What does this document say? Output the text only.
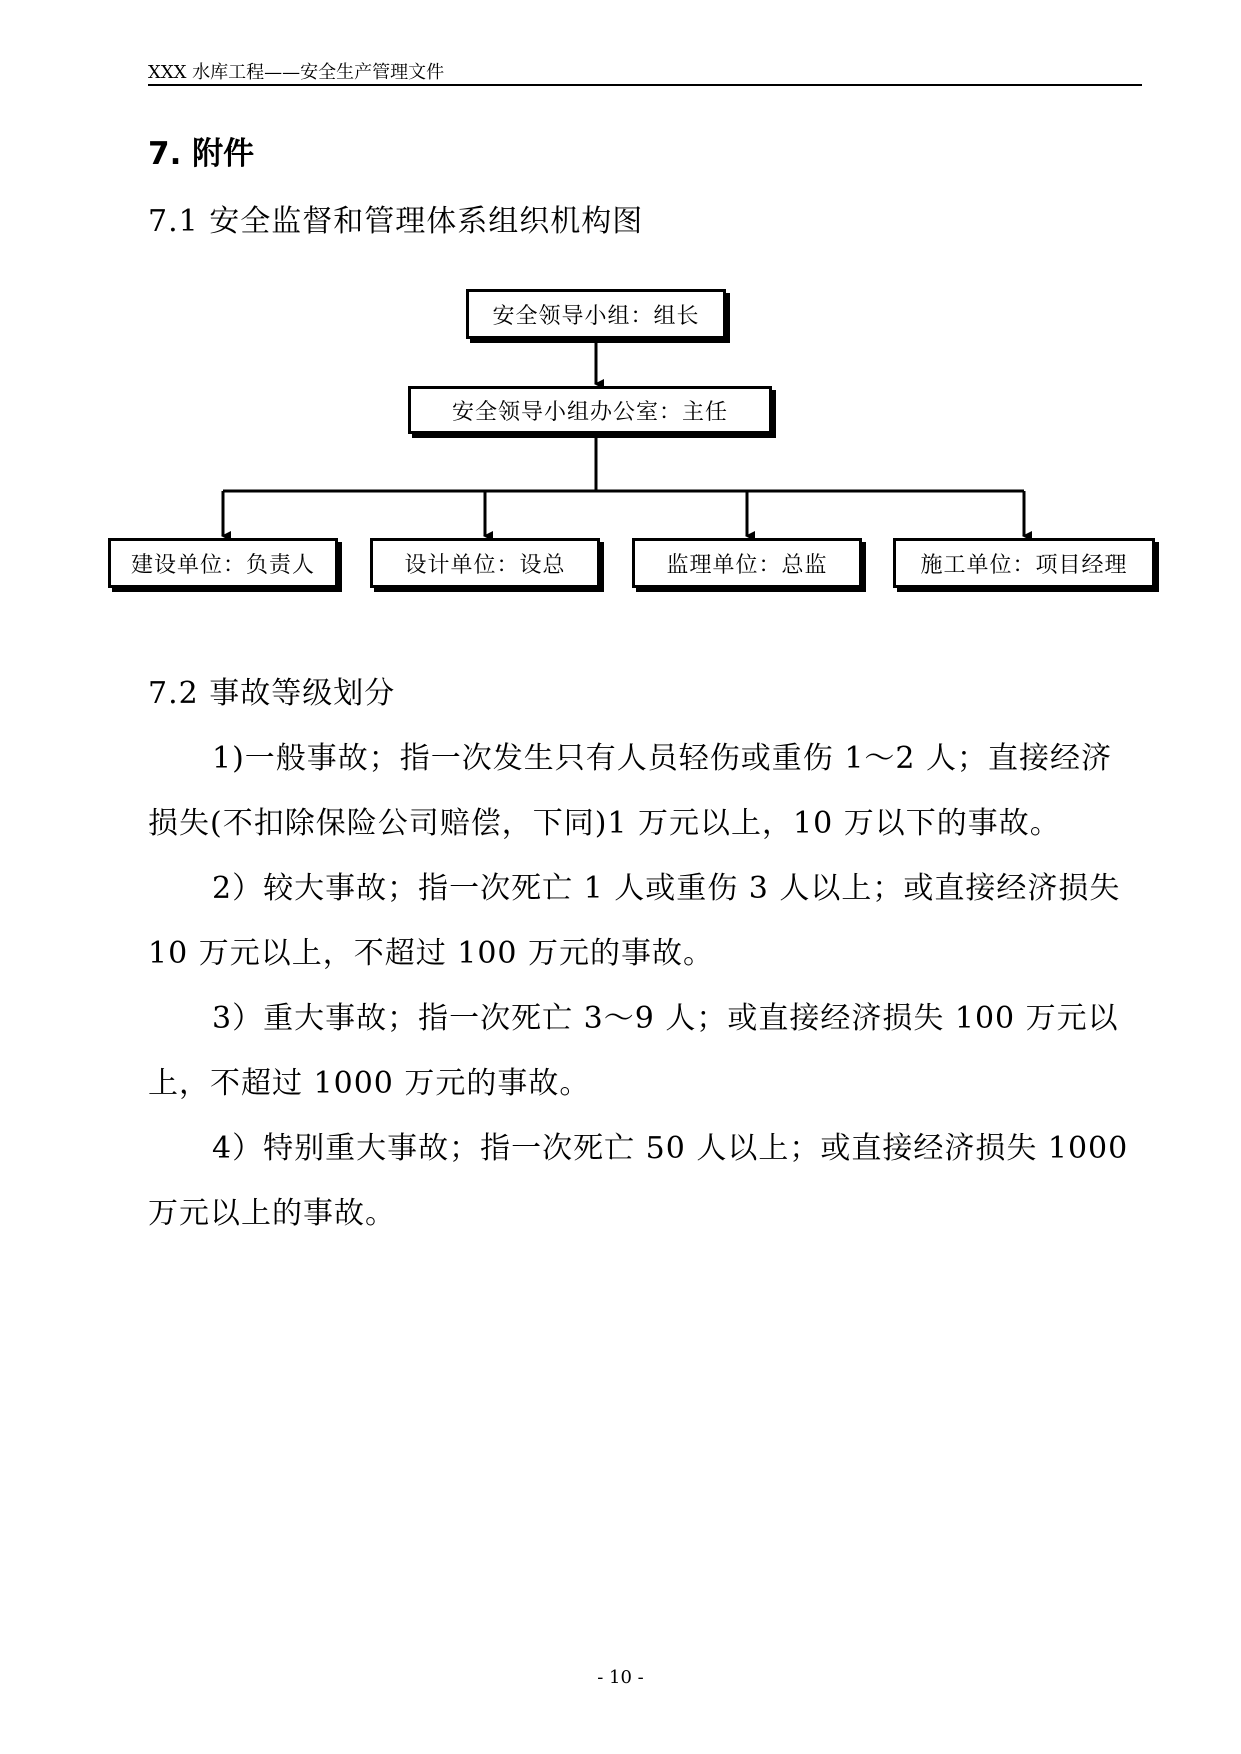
XXX 水库工程——安全生产管理文件
7. 附件
7.1 安全监督和管理体系组织机构图
安全领导小组：组长
安全领导小组办公室：主任
建设单位：负责人	设计单位：设总	监理单位：总监	施工单位：项目经理
7.2 事故等级划分
1)一般事故；指一次发生只有人员轻伤或重伤 1～2 人；直接经济损失(不扣除保险公司赔偿，下同)1 万元以上，10 万以下的事故。
2）较大事故；指一次死亡 1 人或重伤 3 人以上；或直接经济损失 10 万元以上，不超过 100 万元的事故。
3）重大事故；指一次死亡 3～9 人；或直接经济损失 100 万元以上，不超过 1000 万元的事故。
4）特别重大事故；指一次死亡 50 人以上；或直接经济损失 1000 万元以上的事故。
- 10 -
